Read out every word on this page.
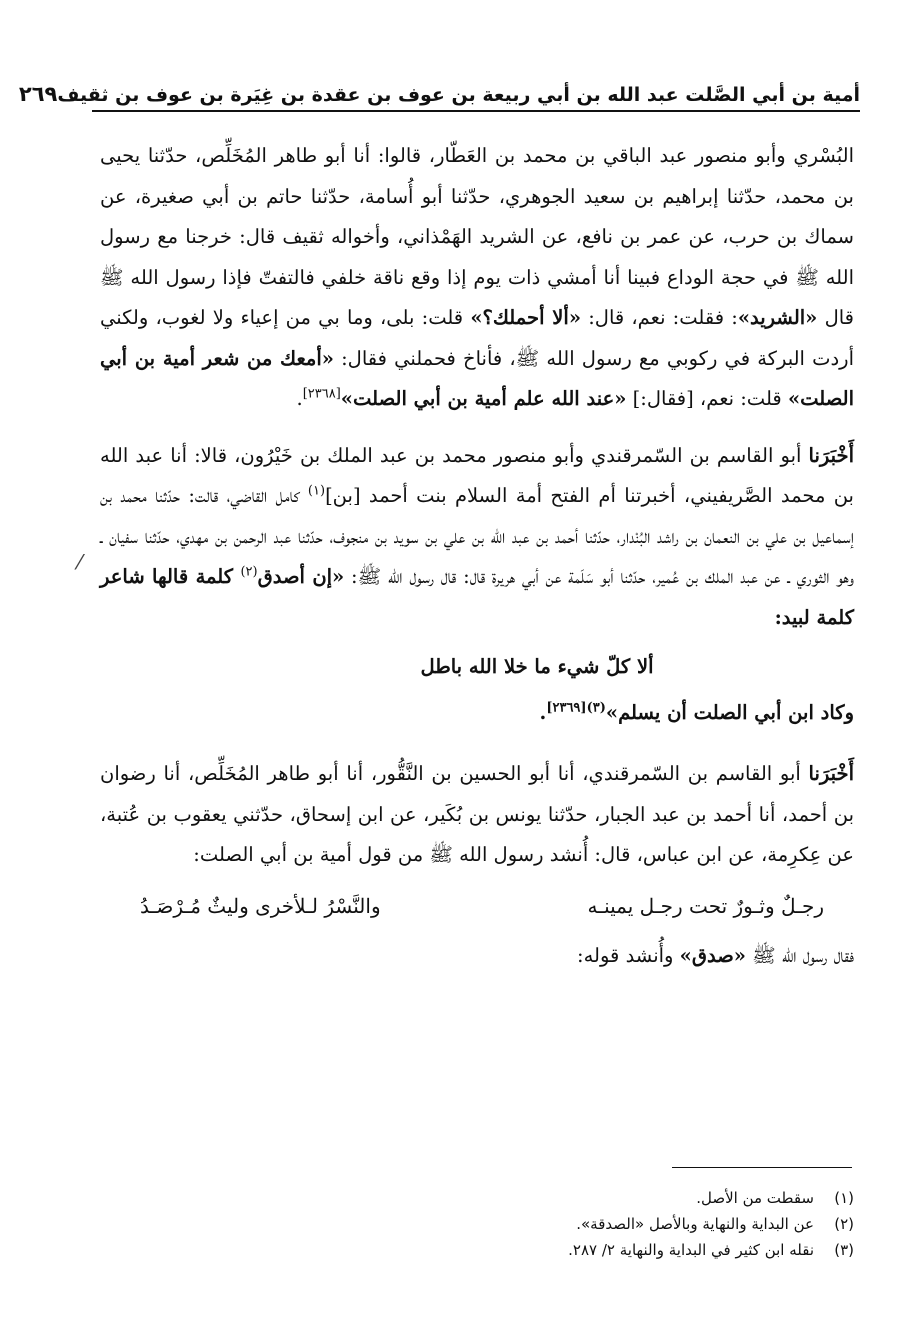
أمية بن أبي الصَّلت عبد الله بن أبي ربيعة بن عوف بن عقدة بن غِيَرة بن عوف بن ثقيف
٢٦٩
⁄

البُسْري وأبو منصور عبد الباقي بن محمد بن العَطّار، قالوا: أنا أبو طاهر المُخَلِّص، حدّثنا يحيى بن محمد، حدّثنا إبراهيم بن سعيد الجوهري، حدّثنا أبو أُسامة، حدّثنا حاتم بن أبي صغيرة، عن سماك بن حرب، عن عمر بن نافع، عن الشريد الهَمْذاني، وأخواله ثقيف قال: خرجنا مع رسول الله ﷺ في حجة الوداع فبينا أنا أمشي ذات يوم إذا وقع ناقة خلفي فالتفتّ فإذا رسول الله ﷺ قال «الشريد»: فقلت: نعم، قال: «ألا أحملك؟» قلت: بلى، وما بي من إعياء ولا لغوب، ولكني أردت البركة في ركوبي مع رسول الله ﷺ، فأناخ فحملني فقال: «أمعك من شعر أمية بن أبي الصلت» قلت: نعم، [فقال:] «عند الله علم أمية بن أبي الصلت»[٢٣٦٨].

أَخْبَرَنا أبو القاسم بن السّمرقندي وأبو منصور محمد بن عبد الملك بن خَيْرُون، قالا: أنا عبد الله بن محمد الصَّريفيني، أخبرتنا أم الفتح أمة السلام بنت أحمد [بن]$^{(١)}$ كامل القاضي، قالت: حدّثنا محمد بن إسماعيل بن علي بن النعمان بن راشد البُنْدار، حدّثنا أحمد بن عبد الله بن علي بن سويد بن منجوف، حدّثنا عبد الرحمن بن مهدي، حدّثنا سفيان ـ وهو الثوري ـ عن عبد الملك بن عُمير، حدّثنا أبو سَلَمة عن أبي هريرة قال: قال رسول الله ﷺ: «إن أصدق$^{(٢)}$ كلمة قالها شاعر كلمة لبيد:

ألا كلّ شيء ما خلا الله باطل

وكاد ابن أبي الصلت أن يسلم»$^{(٣)[٢٣٦٩]}$.

أَخْبَرَنا أبو القاسم بن السّمرقندي، أنا أبو الحسين بن النَّقُّور، أنا أبو طاهر المُخَلِّص، أنا رضوان بن أحمد، أنا أحمد بن عبد الجبار، حدّثنا يونس بن بُكَير، عن ابن إسحاق، حدّثني يعقوب بن عُتبة، عن عِكرِمة، عن ابن عباس، قال: أُنشد رسول الله ﷺ من قول أمية بن أبي الصلت:

رجـلٌ وثـورٌ تحت رجـل يمينـه
والنَّسْرُ لـلأخرى وليثٌ مُـرْصَـدُ

فقال رسول الله ﷺ «صدق» وأُنشد قوله:

(١)
سقطت من الأصل.
(٢)
عن البداية والنهاية وبالأصل «الصدقة».
(٣)
نقله ابن كثير في البداية والنهاية ٢/ ٢٨٧.
